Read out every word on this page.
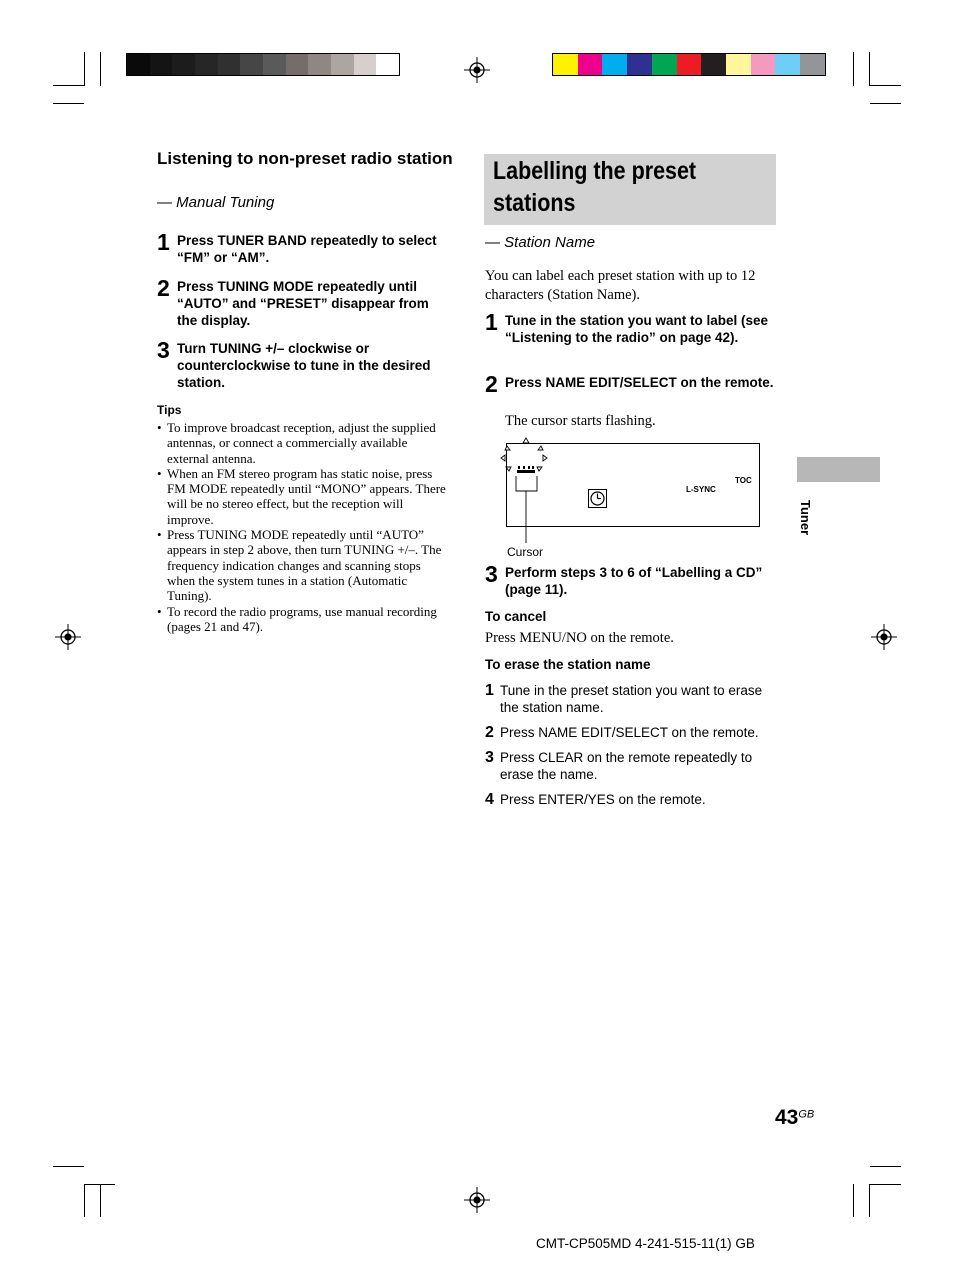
Listening to non-preset radio station
— Manual Tuning
1 Press TUNER BAND repeatedly to select “FM” or “AM”.
2 Press TUNING MODE repeatedly until “AUTO” and “PRESET” disappear from the display.
3 Turn TUNING +/– clockwise or counterclockwise to tune in the desired station.
Tips
• To improve broadcast reception, adjust the supplied antennas, or connect a commercially available external antenna.
• When an FM stereo program has static noise, press FM MODE repeatedly until “MONO” appears. There will be no stereo effect, but the reception will improve.
• Press TUNING MODE repeatedly until “AUTO” appears in step 2 above, then turn TUNING +/–. The frequency indication changes and scanning stops when the system tunes in a station (Automatic Tuning).
• To record the radio programs, use manual recording (pages 21 and 47).
Labelling the preset
stations
— Station Name
You can label each preset station with up to 12 characters (Station Name).
1 Tune in the station you want to label (see “Listening to the radio” on page 42).
2 Press NAME EDIT/SELECT on the remote.
The cursor starts flashing.
L-SYNC
TOC
Cursor
3 Perform steps 3 to 6 of “Labelling a CD” (page 11).
To cancel
Press MENU/NO on the remote.
To erase the station name
1 Tune in the preset station you want to erase the station name.
2 Press NAME EDIT/SELECT on the remote.
3 Press CLEAR on the remote repeatedly to erase the name.
4 Press ENTER/YES on the remote.
Tuner
$43^{GB}$
CMT-CP505MD 4-241-515-11(1) GB
